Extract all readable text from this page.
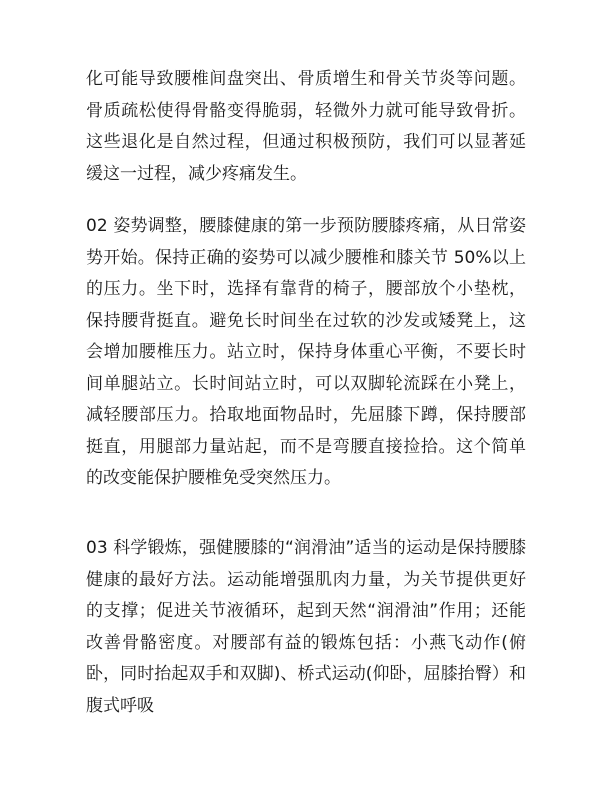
化可能导致腰椎间盘突出、骨质增生和骨关节炎等问题。骨质疏松使得骨骼变得脆弱，轻微外力就可能导致骨折。这些退化是自然过程，但通过积极预防，我们可以显著延缓这一过程，减少疼痛发生。

02 姿势调整，腰膝健康的第一步预防腰膝疼痛，从日常姿势开始。保持正确的姿势可以减少腰椎和膝关节 50%以上的压力。坐下时，选择有靠背的椅子，腰部放个小垫枕，保持腰背挺直。避免长时间坐在过软的沙发或矮凳上，这会增加腰椎压力。站立时，保持身体重心平衡，不要长时间单腿站立。长时间站立时，可以双脚轮流踩在小凳上，减轻腰部压力。拾取地面物品时，先屈膝下蹲，保持腰部挺直，用腿部力量站起，而不是弯腰直接捡拾。这个简单的改变能保护腰椎免受突然压力。

03 科学锻炼，强健腰膝的“润滑油”适当的运动是保持腰膝健康的最好方法。运动能增强肌肉力量，为关节提供更好的支撑；促进关节液循环，起到天然“润滑油”作用；还能改善骨骼密度。对腰部有益的锻炼包括：小燕飞动作(俯卧，同时抬起双手和双脚)、桥式运动(仰卧，屈膝抬臀）和腹式呼吸
